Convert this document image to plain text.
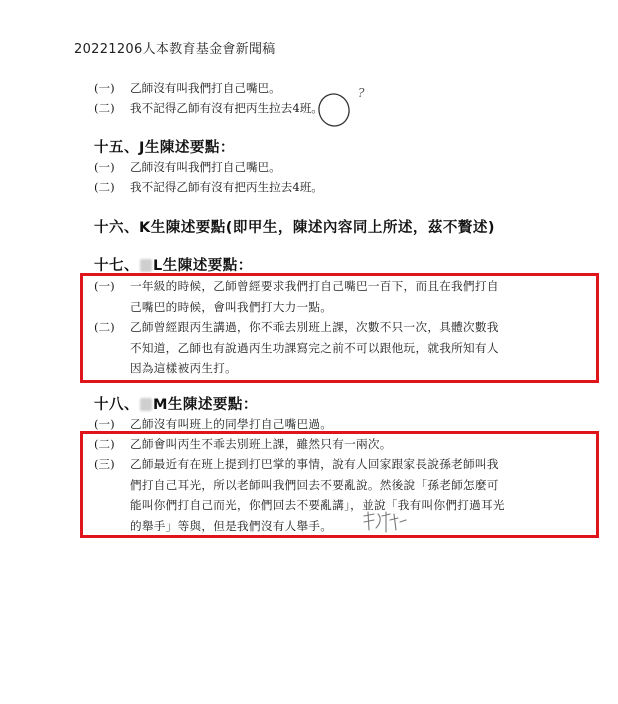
20221206人本教育基金會新聞稿
(一) 乙師沒有叫我們打自己嘴巴。
(二) 我不記得乙師有沒有把丙生拉去4班。
?
十五、J生陳述要點：
(一) 乙師沒有叫我們打自己嘴巴。
(二) 我不記得乙師有沒有把丙生拉去4班。
十六、K生陳述要點(即甲生，陳述內容同上所述，茲不贅述)
十七、 L生陳述要點：
(一)	一年級的時候，乙師曾經要求我們打自己嘴巴一百下，而且在我們打自
己嘴巴的時候，會叫我們打大力一點。
(二)	乙師曾經跟丙生講過，你不乖去別班上課，次數不只一次，具體次數我
不知道，乙師也有說過丙生功課寫完之前不可以跟他玩，就我所知有人
因為這樣被丙生打。
十八、 M生陳述要點：
(一)	乙師沒有叫班上的同學打自己嘴巴過。
(二)	乙師會叫丙生不乖去別班上課，雖然只有一兩次。
(三)	乙師最近有在班上提到打巴掌的事情，說有人回家跟家長說孫老師叫我
們打自己耳光，所以老師叫我們回去不要亂說。然後說「孫老師怎麼可
能叫你們打自己而光，你們回去不要亂講」，並說「我有叫你們打過耳光
的舉手」等與，但是我們沒有人舉手。
